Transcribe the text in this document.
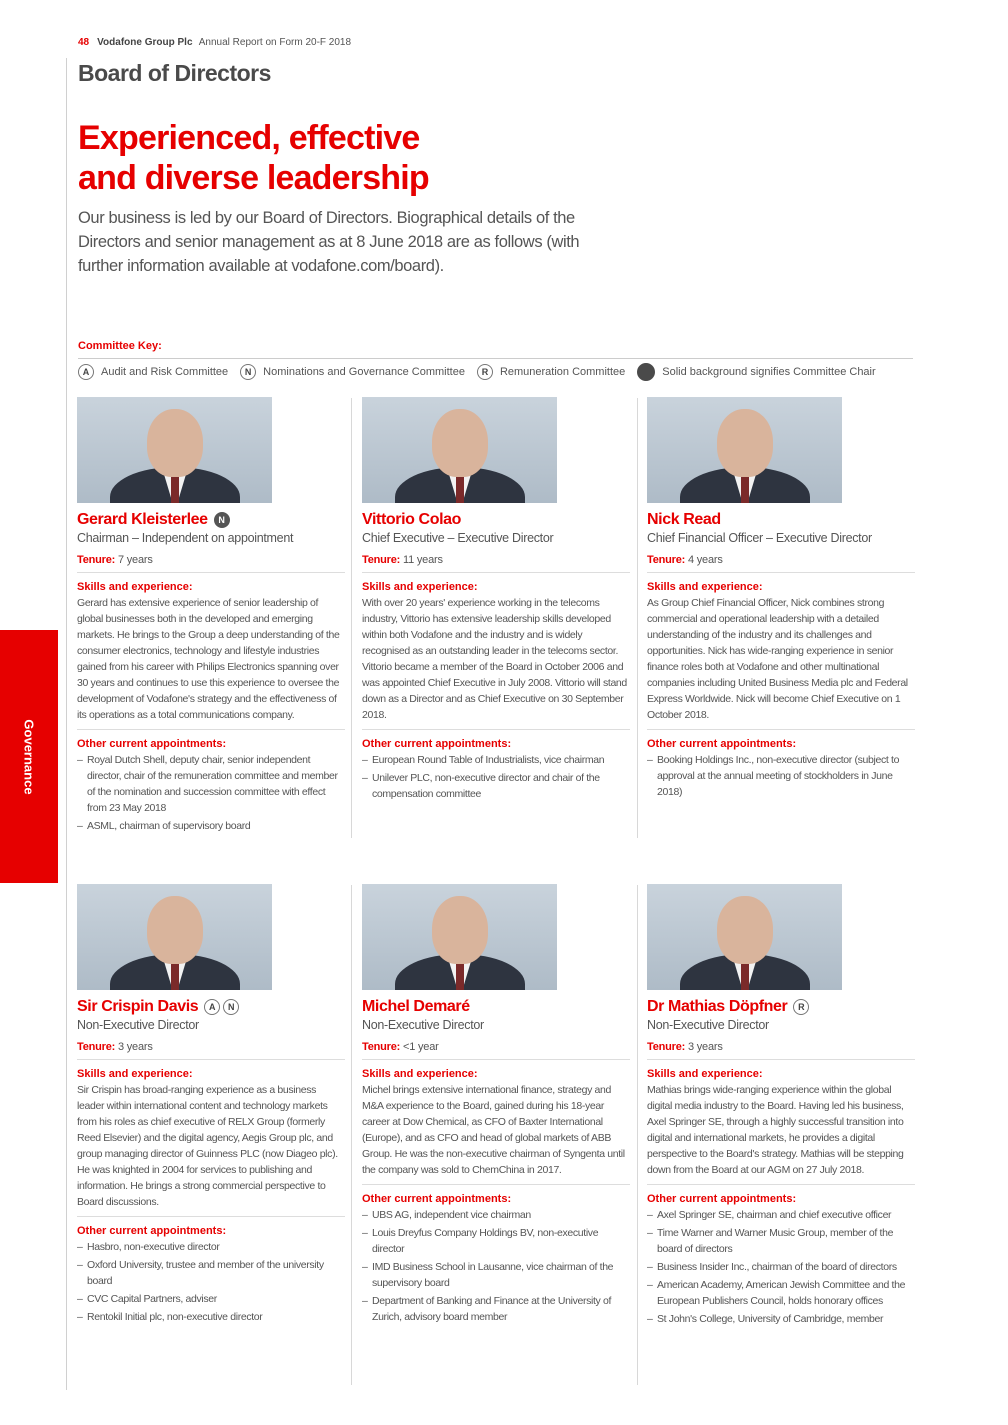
48 Vodafone Group Plc Annual Report on Form 20-F 2018
Board of Directors
Experienced, effective
and diverse leadership

Our business is led by our Board of Directors. Biographical details of the Directors and senior management as at 8 June 2018 are as follows (with further information available at vodafone.com/board).

Committee Key:
A	Audit and Risk Committee	N	Nominations and Governance Committee	R	Remuneration Committee	Solid background signifies Committee Chair
Governance
Gerard Kleisterlee	N
Chairman – Independent on appointment
Tenure: 7 years
Skills and experience:
Gerard has extensive experience of senior leadership of global businesses both in the developed and emerging markets. He brings to the Group a deep understanding of the consumer electronics, technology and lifestyle industries gained from his career with Philips Electronics spanning over 30 years and continues to use this experience to oversee the development of Vodafone's strategy and the effectiveness of its operations as a total communications company.
Other current appointments:
– Royal Dutch Shell, deputy chair, senior independent director, chair of the remuneration committee and member of the nomination and succession committee with effect from 23 May 2018
– ASML, chairman of supervisory board
Vittorio Colao
Chief Executive – Executive Director
Tenure: 11 years
Skills and experience:
With over 20 years' experience working in the telecoms industry, Vittorio has extensive leadership skills developed within both Vodafone and the industry and is widely recognised as an outstanding leader in the telecoms sector. Vittorio became a member of the Board in October 2006 and was appointed Chief Executive in July 2008. Vittorio will stand down as a Director and as Chief Executive on 30 September 2018.
Other current appointments:
– European Round Table of Industrialists, vice chairman
– Unilever PLC, non-executive director and chair of the compensation committee
Nick Read
Chief Financial Officer – Executive Director
Tenure: 4 years
Skills and experience:
As Group Chief Financial Officer, Nick combines strong commercial and operational leadership with a detailed understanding of the industry and its challenges and opportunities. Nick has wide-ranging experience in senior finance roles both at Vodafone and other multinational companies including United Business Media plc and Federal Express Worldwide. Nick will become Chief Executive on 1 October 2018.
Other current appointments:
– Booking Holdings Inc., non-executive director (subject to approval at the annual meeting of stockholders in June 2018)
Sir Crispin Davis	A	N
Non-Executive Director
Tenure: 3 years
Skills and experience:
Sir Crispin has broad-ranging experience as a business leader within international content and technology markets from his roles as chief executive of RELX Group (formerly Reed Elsevier) and the digital agency, Aegis Group plc, and group managing director of Guinness PLC (now Diageo plc). He was knighted in 2004 for services to publishing and information. He brings a strong commercial perspective to Board discussions.
Other current appointments:
– Hasbro, non-executive director
– Oxford University, trustee and member of the university board
– CVC Capital Partners, adviser
– Rentokil Initial plc, non-executive director
Michel Demaré
Non-Executive Director
Tenure: <1 year
Skills and experience:
Michel brings extensive international finance, strategy and M&A experience to the Board, gained during his 18-year career at Dow Chemical, as CFO of Baxter International (Europe), and as CFO and head of global markets of ABB Group. He was the non-executive chairman of Syngenta until the company was sold to ChemChina in 2017.
Other current appointments:
– UBS AG, independent vice chairman
– Louis Dreyfus Company Holdings BV, non-executive director
– IMD Business School in Lausanne, vice chairman of the supervisory board
– Department of Banking and Finance at the University of Zurich, advisory board member
Dr Mathias Döpfner	R
Non-Executive Director
Tenure: 3 years
Skills and experience:
Mathias brings wide-ranging experience within the global digital media industry to the Board. Having led his business, Axel Springer SE, through a highly successful transition into digital and international markets, he provides a digital perspective to the Board's strategy. Mathias will be stepping down from the Board at our AGM on 27 July 2018.
Other current appointments:
– Axel Springer SE, chairman and chief executive officer
– Time Warner and Warner Music Group, member of the board of directors
– Business Insider Inc., chairman of the board of directors
– American Academy, American Jewish Committee and the European Publishers Council, holds honorary offices
– St John's College, University of Cambridge, member
